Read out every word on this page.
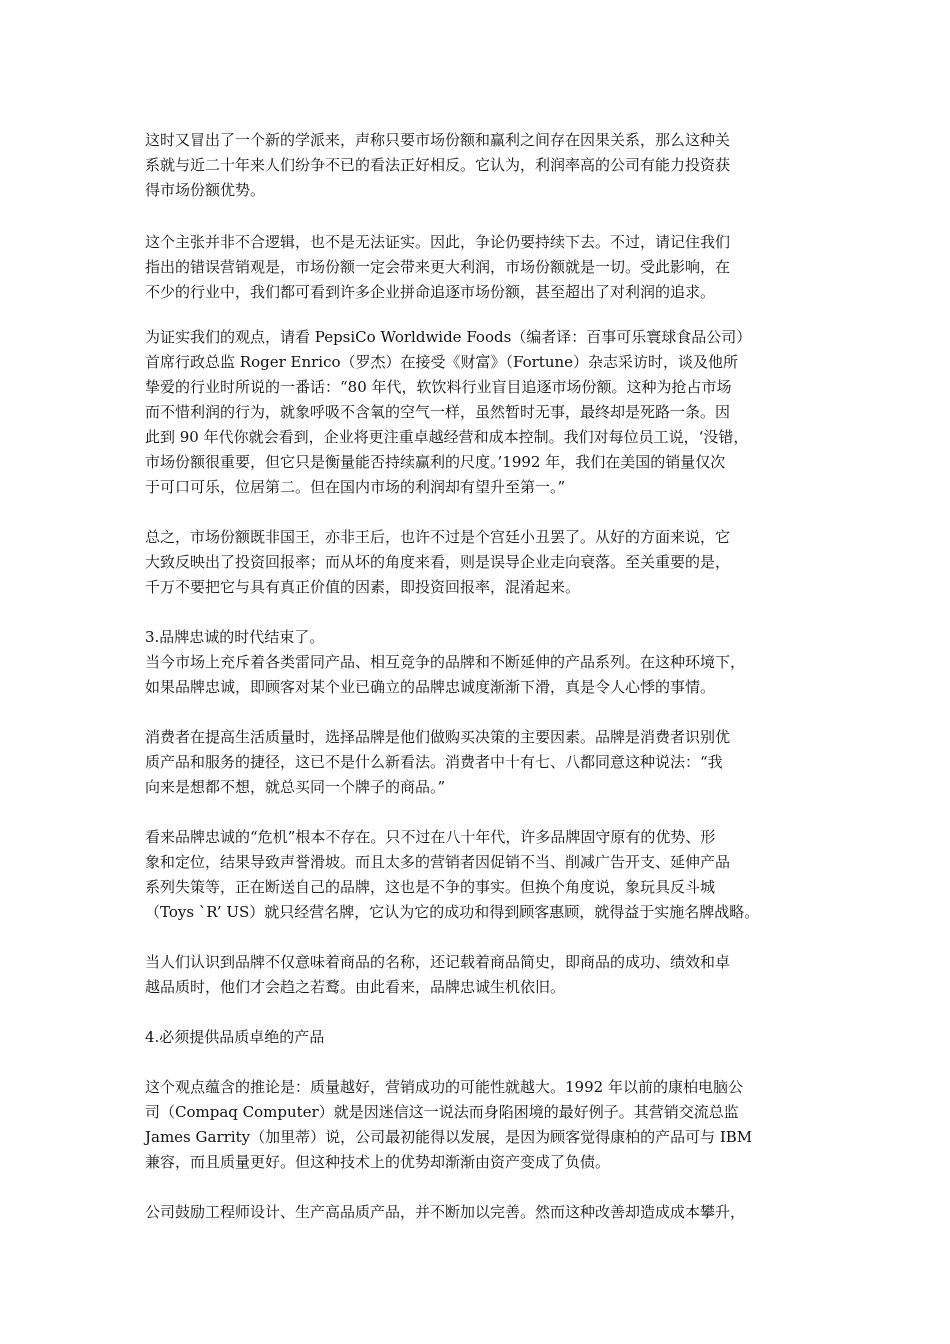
这时又冒出了一个新的学派来，声称只要市场份额和赢利之间存在因果关系，那么这种关
系就与近二十年来人们纷争不已的看法正好相反。它认为，利润率高的公司有能力投资获
得市场份额优势。
这个主张并非不合逻辑，也不是无法证实。因此，争论仍要持续下去。不过，请记住我们
指出的错误营销观是，市场份额一定会带来更大利润，市场份额就是一切。受此影响，在
不少的行业中，我们都可看到许多企业拼命追逐市场份额，甚至超出了对利润的追求。
为证实我们的观点，请看 PepsiCo Worldwide Foods（编者译：百事可乐寰球食品公司）
首席行政总监 Roger Enrico（罗杰）在接受《财富》（Fortune）杂志采访时，谈及他所
挚爱的行业时所说的一番话：“80 年代，软饮料行业盲目追逐市场份额。这种为抢占市场
而不惜利润的行为，就象呼吸不含氧的空气一样，虽然暂时无事，最终却是死路一条。因
此到 90 年代你就会看到，企业将更注重卓越经营和成本控制。我们对每位员工说，‘没错，
市场份额很重要，但它只是衡量能否持续赢利的尺度。’1992 年，我们在美国的销量仅次
于可口可乐，位居第二。但在国内市场的利润却有望升至第一。”
总之，市场份额既非国王，亦非王后，也许不过是个宫廷小丑罢了。从好的方面来说，它
大致反映出了投资回报率；而从坏的角度来看，则是误导企业走向衰落。至关重要的是，
千万不要把它与具有真正价值的因素，即投资回报率，混淆起来。
3.品牌忠诚的时代结束了。
当今市场上充斥着各类雷同产品、相互竞争的品牌和不断延伸的产品系列。在这种环境下，
如果品牌忠诚，即顾客对某个业已确立的品牌忠诚度渐渐下滑，真是令人心悸的事情。
消费者在提高生活质量时，选择品牌是他们做购买决策的主要因素。品牌是消费者识别优
质产品和服务的捷径，这已不是什么新看法。消费者中十有七、八都同意这种说法：“我
向来是想都不想，就总买同一个牌子的商品。”
看来品牌忠诚的“危机”根本不存在。只不过在八十年代，许多品牌固守原有的优势、形
象和定位，结果导致声誉滑坡。而且太多的营销者因促销不当、削减广告开支、延伸产品
系列失策等，正在断送自己的品牌，这也是不争的事实。但换个角度说，象玩具反斗城
（Toys `R’ US）就只经营名牌，它认为它的成功和得到顾客惠顾，就得益于实施名牌战略。
当人们认识到品牌不仅意味着商品的名称，还记载着商品简史，即商品的成功、绩效和卓
越品质时，他们才会趋之若鹜。由此看来，品牌忠诚生机依旧。
4.必须提供品质卓绝的产品
这个观点蕴含的推论是：质量越好，营销成功的可能性就越大。1992 年以前的康柏电脑公
司（Compaq Computer）就是因迷信这一说法而身陷困境的最好例子。其营销交流总监
James Garrity（加里蒂）说，公司最初能得以发展，是因为顾客觉得康柏的产品可与 IBM
兼容，而且质量更好。但这种技术上的优势却渐渐由资产变成了负债。
公司鼓励工程师设计、生产高品质产品，并不断加以完善。然而这种改善却造成成本攀升，
